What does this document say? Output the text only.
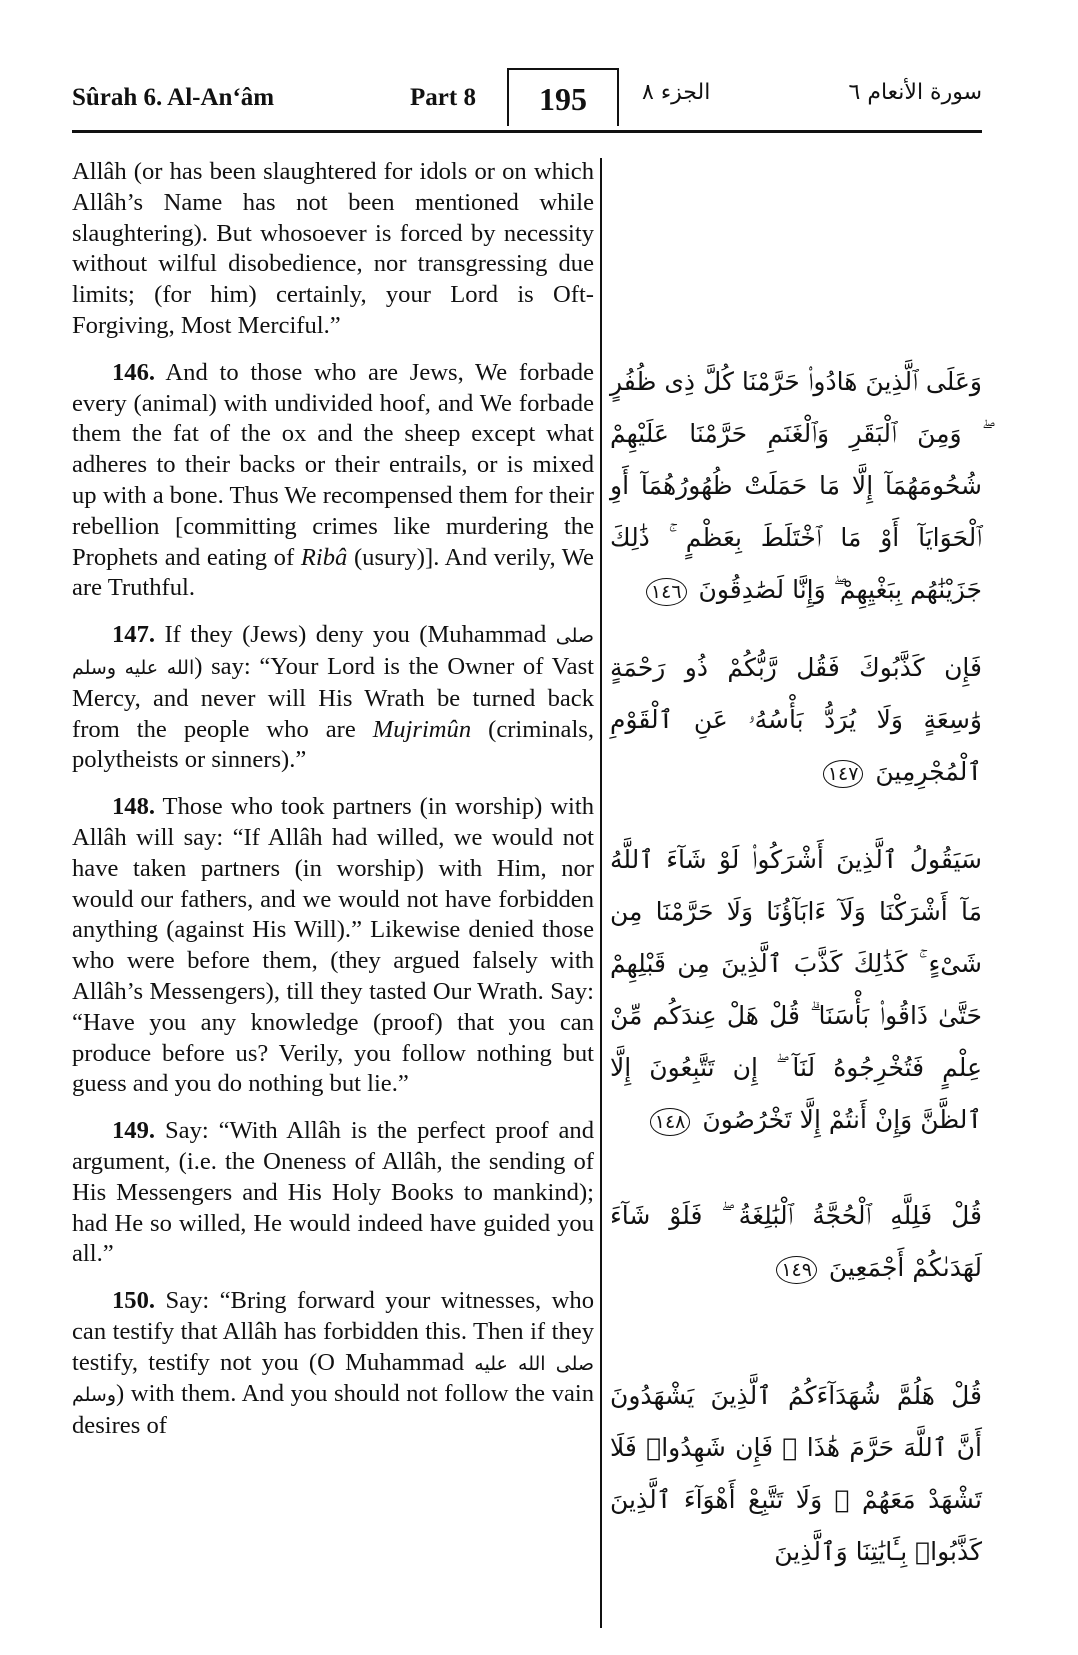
Sûrah 6. Al-An‘âm	Part 8	195	الجزء ٨	سورة الأنعام ٦

Allâh (or has been slaughtered for idols or on which Allâh’s Name has not been mentioned while slaughtering). But whosoever is forced by necessity without wilful disobedience, nor transgressing due limits; (for him) certainly, your Lord is Oft-Forgiving, Most Merciful.”

146. And to those who are Jews, We forbade every (animal) with undivided hoof, and We forbade them the fat of the ox and the sheep except what adheres to their backs or their entrails, or is mixed up with a bone. Thus We recompensed them for their rebellion [committing crimes like murdering the Prophets and eating of Ribâ (usury)]. And verily, We are Truthful.

147. If they (Jews) deny you (Muhammad صلى الله عليه وسلم) say: “Your Lord is the Owner of Vast Mercy, and never will His Wrath be turned back from the people who are Mujrimûn (criminals, polytheists or sinners).”

148. Those who took partners (in worship) with Allâh will say: “If Allâh had willed, we would not have taken partners (in worship) with Him, nor would our fathers, and we would not have forbidden anything (against His Will).” Likewise denied those who were before them, (they argued falsely with Allâh’s Messengers), till they tasted Our Wrath. Say: “Have you any knowledge (proof) that you can produce before us? Verily, you follow nothing but guess and you do nothing but lie.”

149. Say: “With Allâh is the perfect proof and argument, (i.e. the Oneness of Allâh, the sending of His Messengers and His Holy Books to mankind); had He so willed, He would indeed have guided you all.”

150. Say: “Bring forward your witnesses, who can testify that Allâh has forbidden this. Then if they testify, testify not you (O Muhammad صلى الله عليه وسلم) with them. And you should not follow the vain desires of

وَعَلَى ٱلَّذِينَ هَادُوا۟ حَرَّمْنَا كُلَّ ذِى ظُفُرٍ ۖ وَمِنَ ٱلْبَقَرِ وَٱلْغَنَمِ حَرَّمْنَا عَلَيْهِمْ شُحُومَهُمَآ إِلَّا مَا حَمَلَتْ ظُهُورُهُمَآ أَوِ ٱلْحَوَايَآ أَوْ مَا ٱخْتَلَطَ بِعَظْمٍ ۚ ذَٰلِكَ جَزَيْنَٰهُم بِبَغْيِهِمْ ۖ وَإِنَّا لَصَٰدِقُونَ ١٤٦
فَإِن كَذَّبُوكَ فَقُل رَّبُّكُمْ ذُو رَحْمَةٍ وَٰسِعَةٍ وَلَا يُرَدُّ بَأْسُهُۥ عَنِ ٱلْقَوْمِ ٱلْمُجْرِمِينَ ١٤٧
سَيَقُولُ ٱلَّذِينَ أَشْرَكُوا۟ لَوْ شَآءَ ٱللَّهُ مَآ أَشْرَكْنَا وَلَآ ءَابَآؤُنَا وَلَا حَرَّمْنَا مِن شَىْءٍ ۚ كَذَٰلِكَ كَذَّبَ ٱلَّذِينَ مِن قَبْلِهِمْ حَتَّىٰ ذَاقُوا۟ بَأْسَنَا ۗ قُلْ هَلْ عِندَكُم مِّنْ عِلْمٍ فَتُخْرِجُوهُ لَنَآ ۖ إِن تَتَّبِعُونَ إِلَّا ٱلظَّنَّ وَإِنْ أَنتُمْ إِلَّا تَخْرُصُونَ ١٤٨
قُلْ فَلِلَّهِ ٱلْحُجَّةُ ٱلْبَٰلِغَةُ ۖ فَلَوْ شَآءَ لَهَدَىٰكُمْ أَجْمَعِينَ ١٤٩
قُلْ هَلُمَّ شُهَدَآءَكُمُ ٱلَّذِينَ يَشْهَدُونَ أَنَّ ٱللَّهَ حَرَّمَ هَٰذَا ۖ فَإِن شَهِدُوا۟ فَلَا تَشْهَدْ مَعَهُمْ ۚ وَلَا تَتَّبِعْ أَهْوَآءَ ٱلَّذِينَ كَذَّبُوا۟ بِـَٔايَٰتِنَا وَٱلَّذِينَ
